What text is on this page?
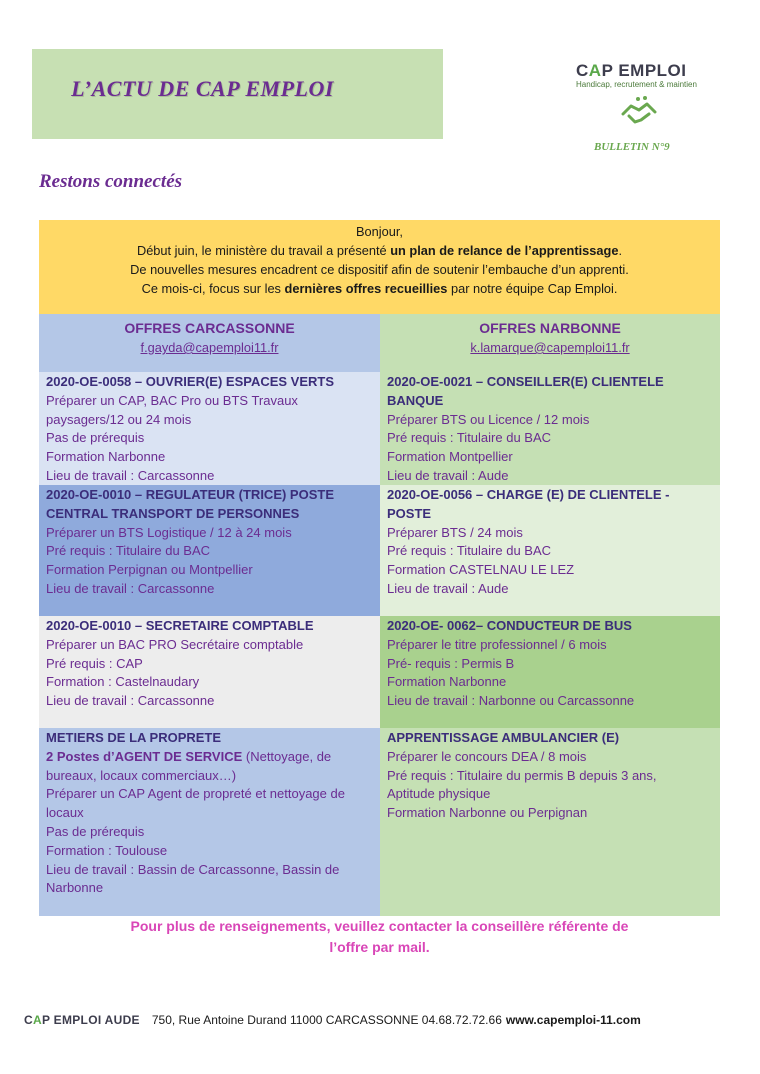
L’ACTU DE CAP EMPLOI
CAP EMPLOI
Handicap, recrutement & maintien
BULLETIN N°9
Restons connectés
Bonjour,
Début juin, le ministère du travail a présenté un plan de relance de l’apprentissage.
De nouvelles mesures encadrent ce dispositif afin de soutenir l’embauche d’un apprenti.
Ce mois-ci, focus sur les dernières offres recueillies par notre équipe Cap Emploi.
OFFRES CARCASSONNE
f.gayda@capemploi11.fr
OFFRES NARBONNE
k.lamarque@capemploi11.fr
2020-OE-0058 – OUVRIER(E) ESPACES VERTS
Préparer un CAP, BAC Pro ou BTS Travaux
paysagers/12 ou 24 mois
Pas de prérequis
Formation Narbonne
Lieu de travail : Carcassonne
2020-OE-0010 – REGULATEUR (TRICE) POSTE CENTRAL TRANSPORT DE PERSONNES
Préparer un BTS Logistique / 12 à 24 mois
Pré requis : Titulaire du BAC
Formation Perpignan ou Montpellier
Lieu de travail : Carcassonne
2020-OE-0010 – SECRETAIRE COMPTABLE
Préparer un BAC PRO Secrétaire comptable
Pré requis : CAP
Formation : Castelnaudary
Lieu de travail : Carcassonne
METIERS DE LA PROPRETE
2 Postes d’AGENT DE SERVICE (Nettoyage, de bureaux, locaux commerciaux…)
Préparer un CAP Agent de propreté et nettoyage de locaux
Pas de prérequis
Formation : Toulouse
Lieu de travail : Bassin de Carcassonne, Bassin de Narbonne
2020-OE-0021 – CONSEILLER(E) CLIENTELE BANQUE
Préparer BTS ou Licence / 12 mois
Pré requis : Titulaire du BAC
Formation Montpellier
Lieu de travail : Aude
2020-OE-0056 – CHARGE (E) DE CLIENTELE - POSTE
Préparer BTS / 24 mois
Pré requis : Titulaire du BAC
Formation CASTELNAU LE LEZ
Lieu de travail : Aude
2020-OE- 0062– CONDUCTEUR DE BUS
Préparer le titre professionnel / 6 mois
Pré- requis : Permis B
Formation Narbonne
Lieu de travail : Narbonne ou Carcassonne
APPRENTISSAGE AMBULANCIER (E)
Préparer le concours DEA / 8 mois
Pré requis : Titulaire du permis B depuis 3 ans,
Aptitude physique
Formation Narbonne ou Perpignan
Pour plus de renseignements, veuillez contacter la conseillère référente de
l’offre par mail.
CAP EMPLOI AUDE 750, Rue Antoine Durand 11000 CARCASSONNE 04.68.72.72.66 www.capemploi-11.com
